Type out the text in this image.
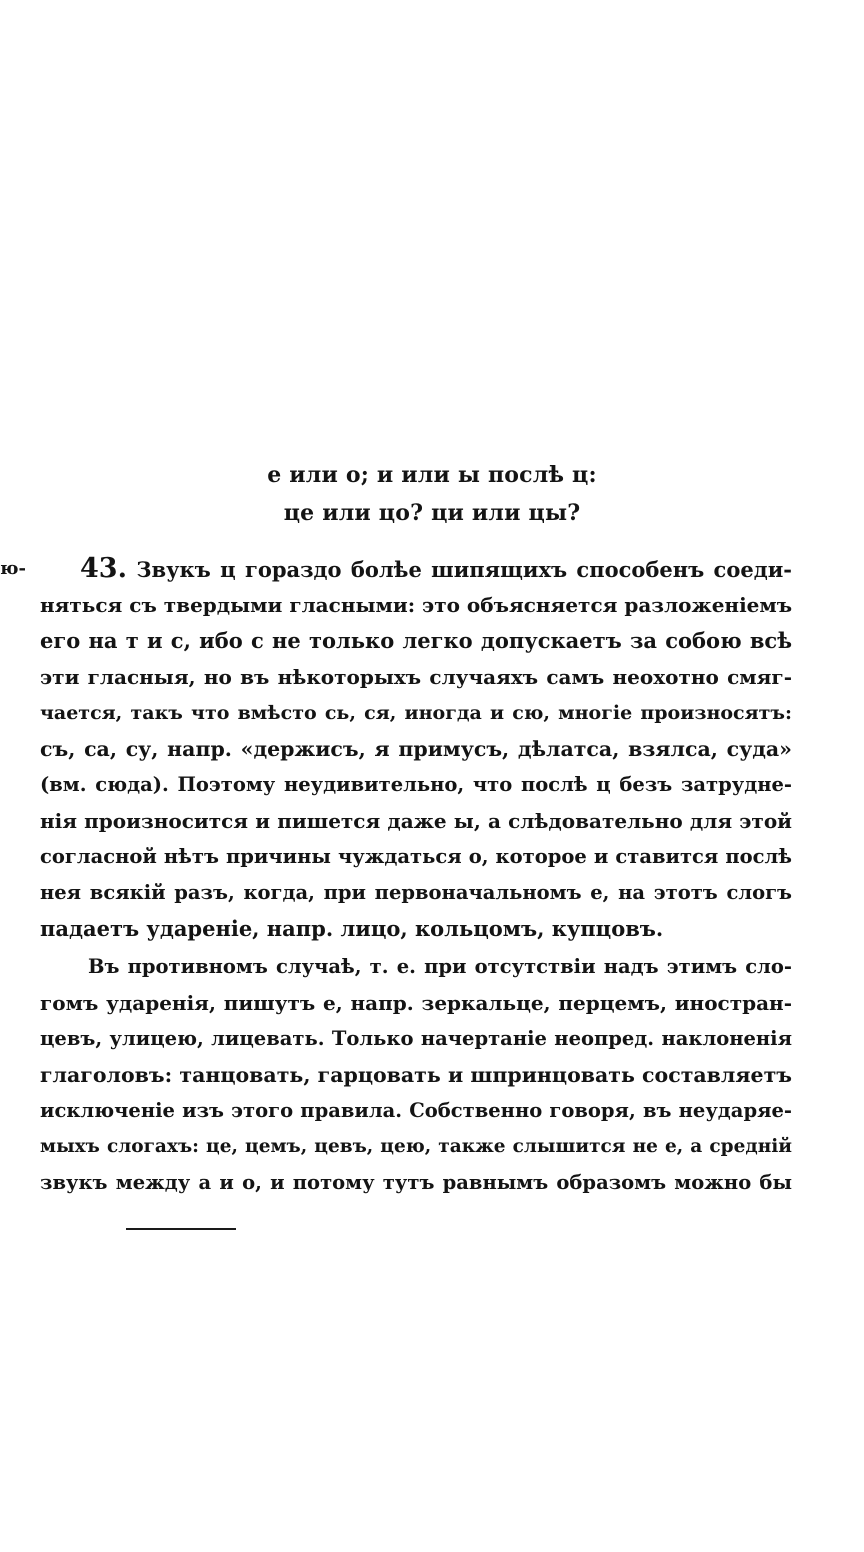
е или о; и или ы послѣ ц:
це или цо? ци или цы?
ю- 43. Звукъ ц гораздо болѣе шипящихъ способенъ соеди-
няться съ твердыми гласными: это объясняется разложеніемъ
его на т и с, ибо с не только легко допускаетъ за собою всѣ
эти гласныя, но въ нѣкоторыхъ случаяхъ самъ неохотно смяг-
чается, такъ что вмѣсто сь, ся, иногда и сю, многіе произносятъ:
съ, са, су, напр. «держисъ, я примусъ, дѣлатса, взялса, суда»
(вм. сюда). Поэтому неудивительно, что послѣ ц безъ затрудне-
нія произносится и пишется даже ы, а слѣдовательно для этой
согласной нѣтъ причины чуждаться о, которое и ставится послѣ
нея всякій разъ, когда, при первоначальномъ е, на этотъ слогъ
падаетъ удареніе, напр. лицо, кольцомъ, купцовъ.
Въ противномъ случаѣ, т. е. при отсутствіи надъ этимъ сло-
гомъ ударенія, пишутъ е, напр. зеркальце, перцемъ, иностран-
цевъ, улицею, лицевать. Только начертаніе неопред. наклоненія
глаголовъ: танцовать, гарцовать и шпринцовать составляетъ
исключеніе изъ этого правила. Собственно говоря, въ неударяе-
мыхъ слогахъ: це, цемъ, цевъ, цею, также слышится не е, а средній
звукъ между а и о, и потому тутъ равнымъ образомъ можно бы
